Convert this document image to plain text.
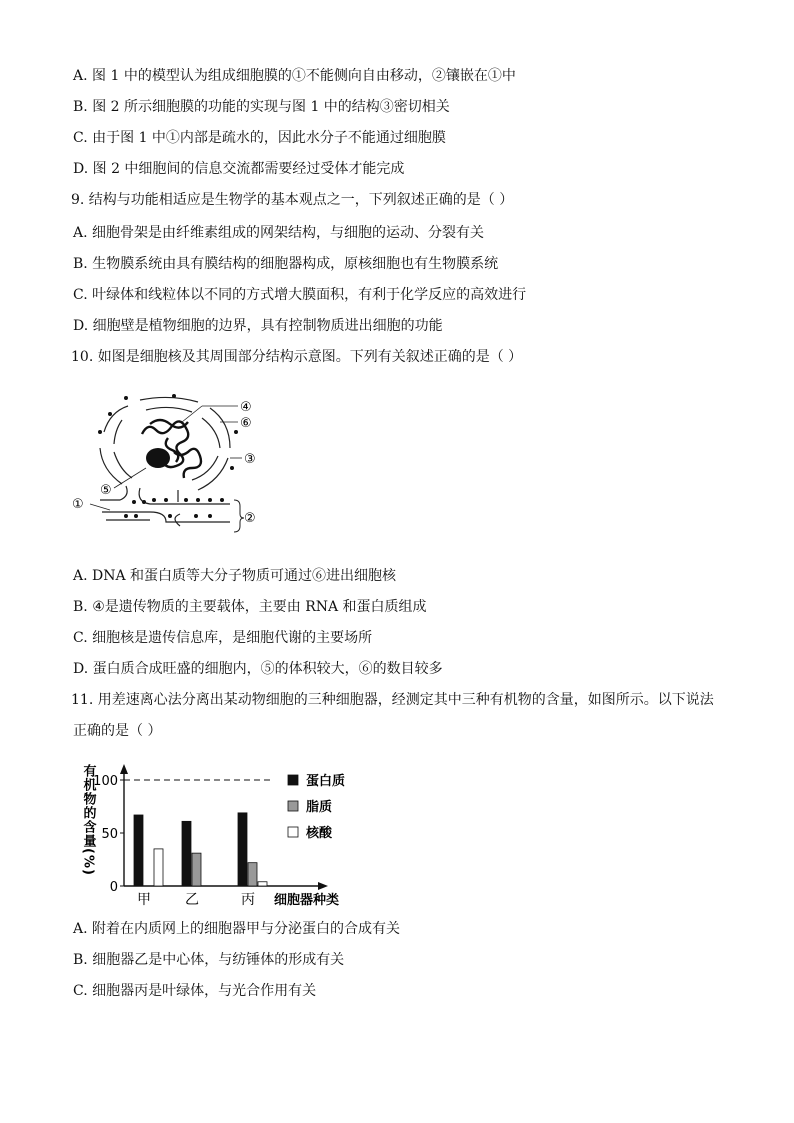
A. 图 1 中的模型认为组成细胞膜的①不能侧向自由移动，②镶嵌在①中
B. 图 2 所示细胞膜的功能的实现与图 1 中的结构③密切相关
C. 由于图 1 中①内部是疏水的，因此水分子不能通过细胞膜
D. 图 2 中细胞间的信息交流都需要经过受体才能完成
9. 结构与功能相适应是生物学的基本观点之一，下列叙述正确的是（ ）
A. 细胞骨架是由纤维素组成的网架结构，与细胞的运动、分裂有关
B. 生物膜系统由具有膜结构的细胞器构成，原核细胞也有生物膜系统
C. 叶绿体和线粒体以不同的方式增大膜面积，有利于化学反应的高效进行
D. 细胞壁是植物细胞的边界，具有控制物质进出细胞的功能
10. 如图是细胞核及其周围部分结构示意图。下列有关叙述正确的是（ ）
④
⑥
③
⑤
①
②
A. DNA 和蛋白质等大分子物质可通过⑥进出细胞核
B. ④是遗传物质的主要载体，主要由 RNA 和蛋白质组成
C. 细胞核是遗传信息库，是细胞代谢的主要场所
D. 蛋白质合成旺盛的细胞内，⑤的体积较大，⑥的数目较多
11. 用差速离心法分离出某动物细胞的三种细胞器，经测定其中三种有机物的含量，如图所示。以下说法
正确的是（ ）
有机物的含量(%)
0
50
100
甲 乙	丙 细胞器种类
蛋白质
脂质
核酸
A. 附着在内质网上的细胞器甲与分泌蛋白的合成有关
B. 细胞器乙是中心体，与纺锤体的形成有关
C. 细胞器丙是叶绿体，与光合作用有关
